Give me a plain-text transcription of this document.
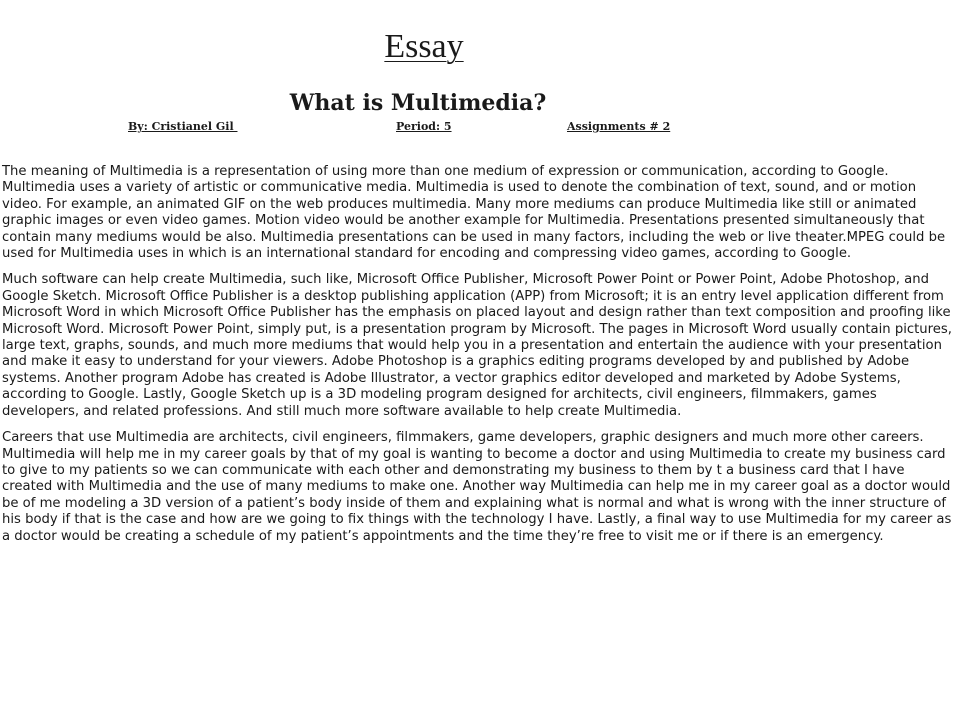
Essay
What is Multimedia?
By: Cristianel Gil	Period: 5	Assignments # 2

The meaning of Multimedia is a representation of using more than one medium of expression or communication, according to Google. Multimedia uses a variety of artistic or communicative media. Multimedia is used to denote the combination of text, sound, and or motion video. For example, an animated GIF on the web produces multimedia. Many more mediums can produce Multimedia like still or animated graphic images or even video games. Motion video would be another example for Multimedia. Presentations presented simultaneously that contain many mediums would be also. Multimedia presentations can be used in many factors, including the web or live theater.MPEG could be used for Multimedia uses in which is an international standard for encoding and compressing video games, according to Google.

Much software can help create Multimedia, such like, Microsoft Office Publisher, Microsoft Power Point or Power Point, Adobe Photoshop, and Google Sketch. Microsoft Office Publisher is a desktop publishing application (APP) from Microsoft; it is an entry level application different from Microsoft Word in which Microsoft Office Publisher has the emphasis on placed layout and design rather than text composition and proofing like Microsoft Word. Microsoft Power Point, simply put, is a presentation program by Microsoft. The pages in Microsoft Word usually contain pictures, large text, graphs, sounds, and much more mediums that would help you in a presentation and entertain the audience with your presentation and make it easy to understand for your viewers. Adobe Photoshop is a graphics editing programs developed by and published by Adobe systems. Another program Adobe has created is Adobe Illustrator, a vector graphics editor developed and marketed by Adobe Systems, according to Google. Lastly, Google Sketch up is a 3D modeling program designed for architects, civil engineers, filmmakers, games developers, and related professions. And still much more software available to help create Multimedia.

Careers that use Multimedia are architects, civil engineers, filmmakers, game developers, graphic designers and much more other careers. Multimedia will help me in my career goals by that of my goal is wanting to become a doctor and using Multimedia to create my business card to give to my patients so we can communicate with each other and demonstrating my business to them by t a business card that I have created with Multimedia and the use of many mediums to make one. Another way Multimedia can help me in my career goal as a doctor would be of me modeling a 3D version of a patient’s body inside of them and explaining what is normal and what is wrong with the inner structure of his body if that is the case and how are we going to fix things with the technology I have. Lastly, a final way to use Multimedia for my career as a doctor would be creating a schedule of my patient’s appointments and the time they’re free to visit me or if there is an emergency.
